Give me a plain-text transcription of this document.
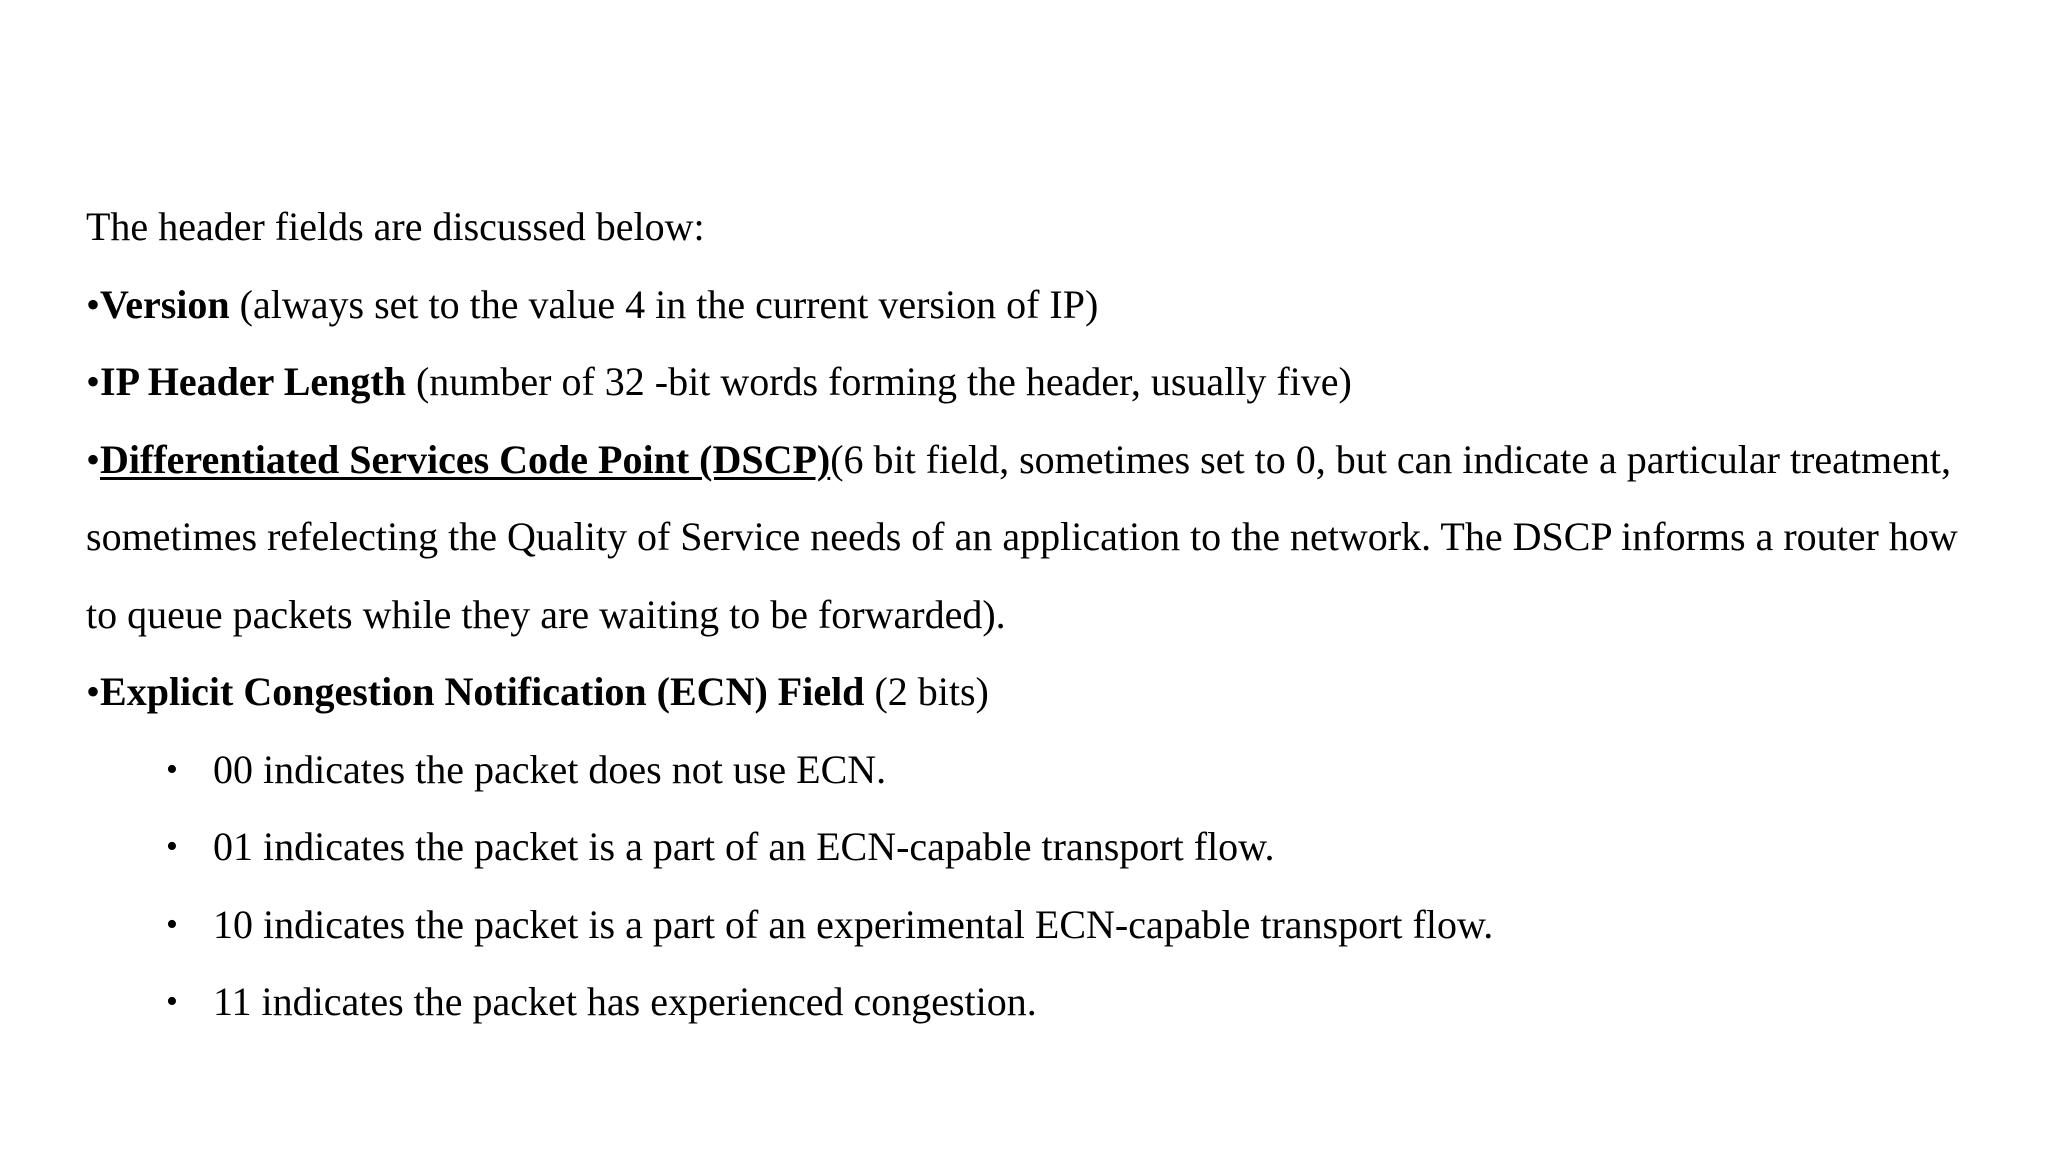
The header fields are discussed below:

•Version (always set to the value 4 in the current version of IP)

•IP Header Length (number of 32 -bit words forming the header, usually five)

•Differentiated Services Code Point (DSCP)(6 bit field, sometimes set to 0, but can indicate a particular treatment, sometimes refelecting the Quality of Service needs of an application to the network. The DSCP informs a router how to queue packets while they are waiting to be forwarded).

•Explicit Congestion Notification (ECN) Field (2 bits)

• 00 indicates the packet does not use ECN.
• 01 indicates the packet is a part of an ECN-capable transport flow.
• 10 indicates the packet is a part of an experimental ECN-capable transport flow.
• 11 indicates the packet has experienced congestion.
